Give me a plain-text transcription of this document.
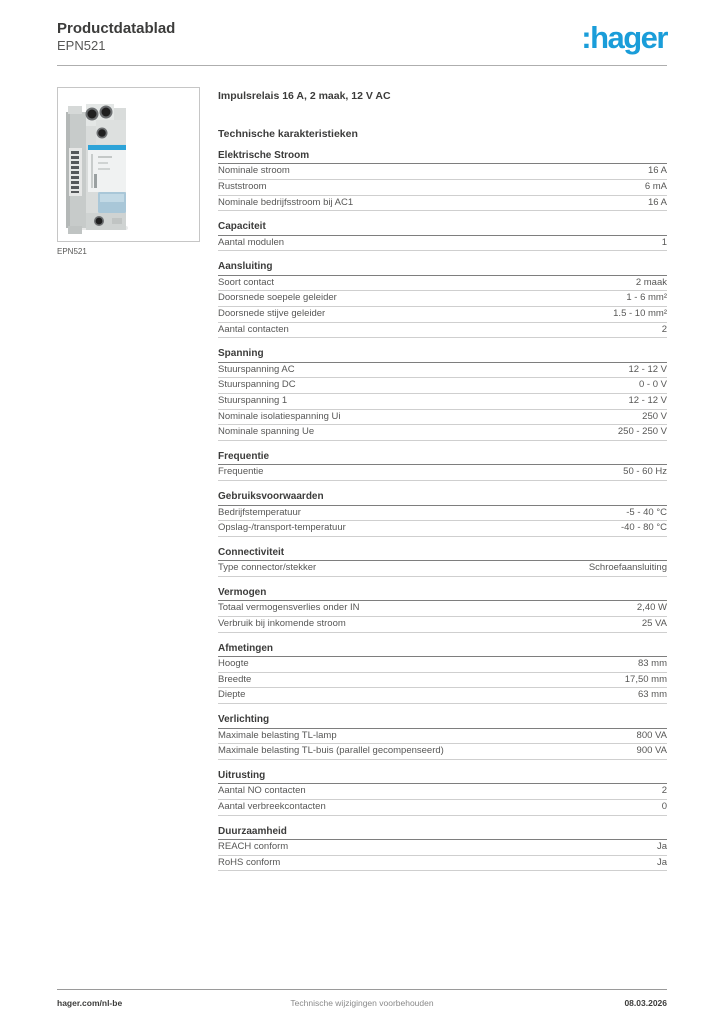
Productdatablad
EPN521	:hager
EPN521
Impulsrelais 16 A, 2 maak, 12 V AC
Technische karakteristieken
Elektrische Stroom
Nominale stroom	16 A
Ruststroom	6 mA
Nominale bedrijfsstroom bij AC1	16 A
Capaciteit
Aantal modulen	1
Aansluiting
Soort contact	2 maak
Doorsnede soepele geleider	1 - 6 mm²
Doorsnede stijve geleider	1.5 - 10 mm²
Aantal contacten	2
Spanning
Stuurspanning AC	12 - 12 V
Stuurspanning DC	0 - 0 V
Stuurspanning 1	12 - 12 V
Nominale isolatiespanning Ui	250 V
Nominale spanning Ue	250 - 250 V
Frequentie
Frequentie	50 - 60 Hz
Gebruiksvoorwaarden
Bedrijfstemperatuur	-5 - 40 °C
Opslag-/transport-temperatuur	-40 - 80 °C
Connectiviteit
Type connector/stekker	Schroefaansluiting
Vermogen
Totaal vermogensverlies onder IN	2,40 W
Verbruik bij inkomende stroom	25 VA
Afmetingen
Hoogte	83 mm
Breedte	17,50 mm
Diepte	63 mm
Verlichting
Maximale belasting TL-lamp	800 VA
Maximale belasting TL-buis (parallel gecompenseerd)	900 VA
Uitrusting
Aantal NO contacten	2
Aantal verbreekcontacten	0
Duurzaamheid
REACH conform	Ja
RoHS conform	Ja
hager.com/nl-be	Technische wijzigingen voorbehouden	08.03.2026
